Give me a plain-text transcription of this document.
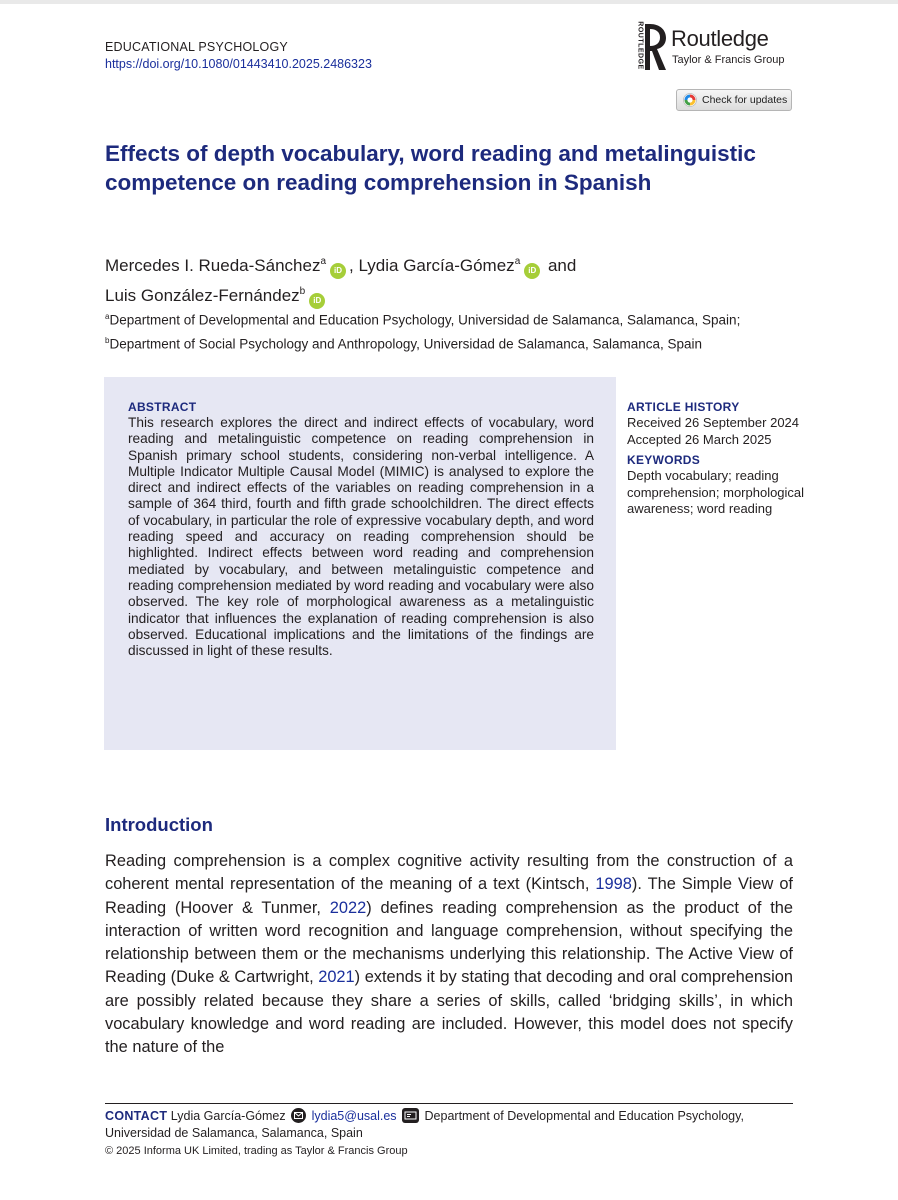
EDUCATIONAL PSYCHOLOGY
https://doi.org/10.1080/01443410.2025.2486323	ROUTLEDGE Routledge
Taylor & Francis Group
Check for updates
Effects of depth vocabulary, word reading and metalinguistic competence on reading comprehension in Spanish
Mercedes I. Rueda-Sánchez$^a$iD , Lydia García-Gómez$^a$iD and
Luis González-Fernández$^b$iD
$^a$Department of Developmental and Education Psychology, Universidad de Salamanca, Salamanca, Spain;
$^b$Department of Social Psychology and Anthropology, Universidad de Salamanca, Salamanca, Spain
ABSTRACT
This research explores the direct and indirect effects of vocabulary, word reading and metalinguistic competence on reading comprehension in Spanish primary school students, considering non-verbal intelligence. A Multiple Indicator Multiple Causal Model (MIMIC) is analysed to explore the direct and indirect effects of the variables on reading comprehension in a sample of 364 third, fourth and fifth grade schoolchildren. The direct effects of vocabulary, in particular the role of expressive vocabulary depth, and word reading speed and accuracy on reading comprehension should be highlighted. Indirect effects between word reading and comprehension mediated by vocabulary, and between metalinguistic competence and reading comprehension mediated by word reading and vocabulary were also observed. The key role of morphological awareness as a metalinguistic indicator that influences the explanation of reading comprehension is also observed. Educational implications and the limitations of the findings are discussed in light of these results.
ARTICLE HISTORY
Received 26 September 2024
Accepted 26 March 2025
KEYWORDS
Depth vocabulary; reading comprehension; morphological awareness; word reading
Introduction
Reading comprehension is a complex cognitive activity resulting from the construction of a coherent mental representation of the meaning of a text (Kintsch, 1998). The Simple View of Reading (Hoover & Tunmer, 2022) defines reading comprehension as the product of the interaction of written word recognition and language comprehension, without specifying the relationship between them or the mechanisms underlying this relationship. The Active View of Reading (Duke & Cartwright, 2021) extends it by stating that decoding and oral comprehension are possibly related because they share a series of skills, called ‘bridging skills’, in which vocabulary knowledge and word reading are included. However, this model does not specify the nature of the
CONTACT Lydia García-Gómez lydia5@usal.es Department of Developmental and Education Psychology, Universidad de Salamanca, Salamanca, Spain
© 2025 Informa UK Limited, trading as Taylor & Francis Group
